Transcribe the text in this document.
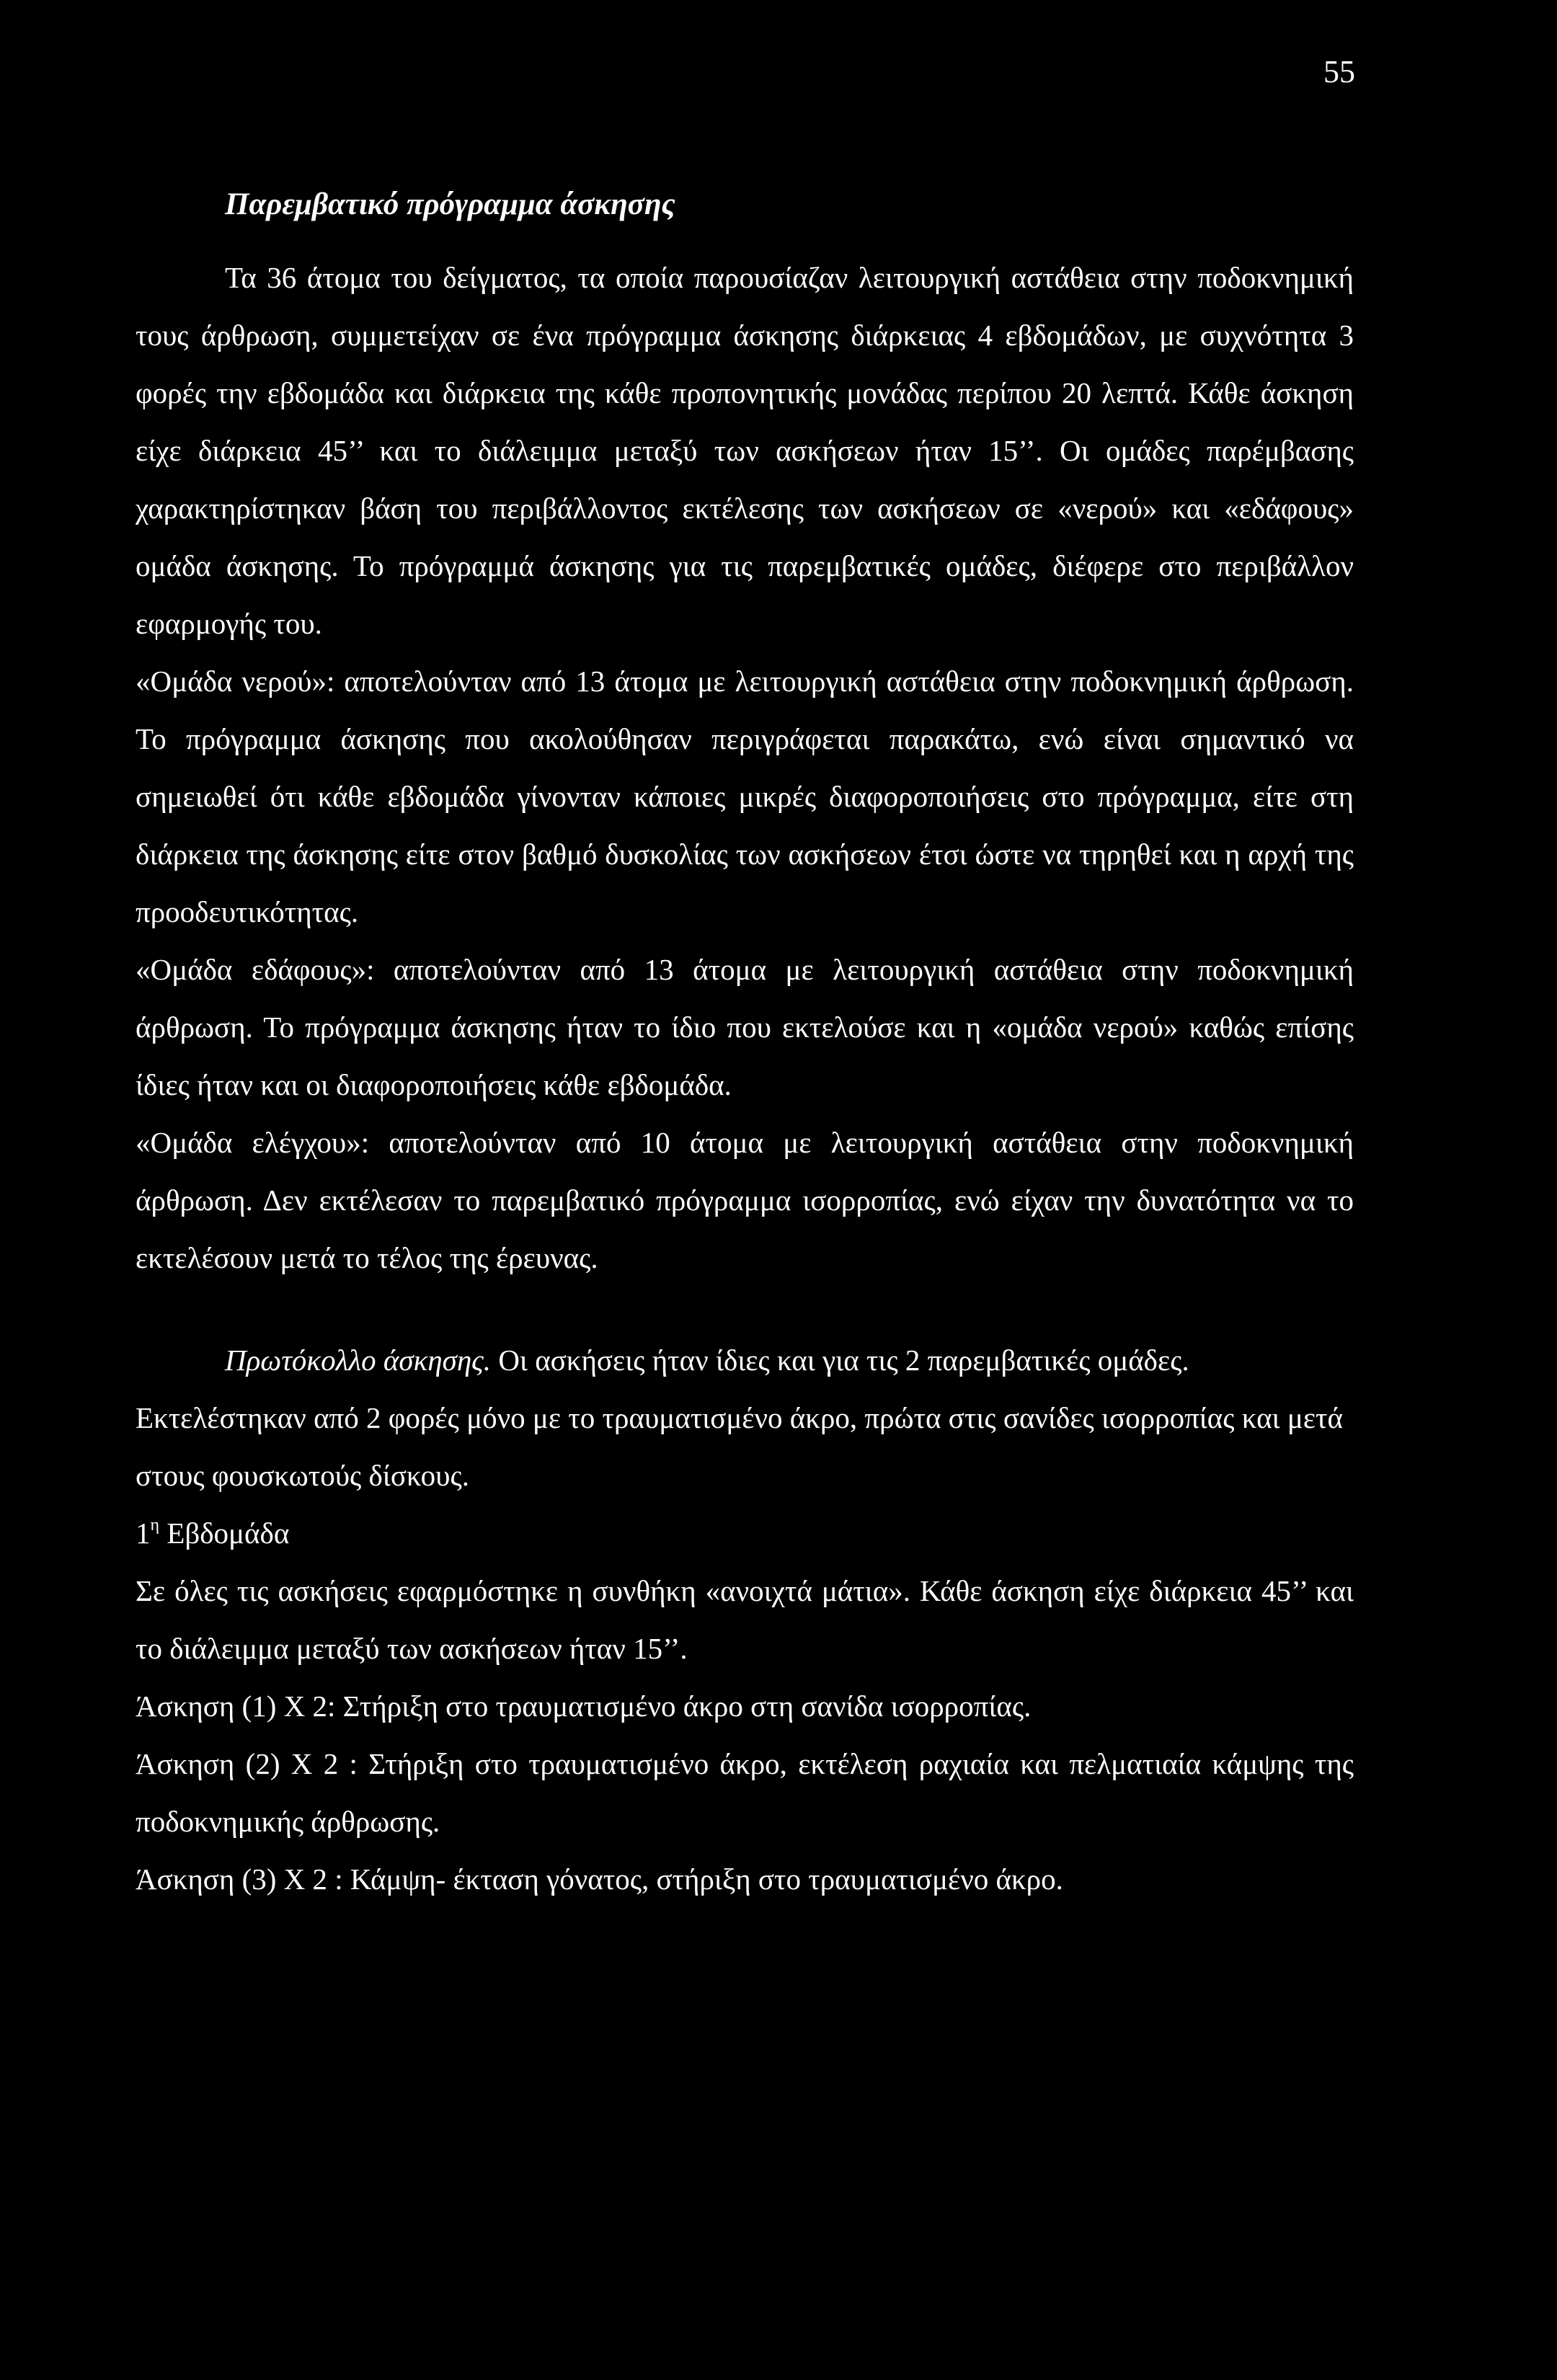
55

Παρεμβατικό πρόγραμμα άσκησης

Τα 36 άτομα του δείγματος, τα οποία παρουσίαζαν λειτουργική αστάθεια στην ποδοκνημική τους άρθρωση, συμμετείχαν σε ένα πρόγραμμα άσκησης διάρκειας 4 εβδομάδων, με συχνότητα 3 φορές την εβδομάδα και διάρκεια της κάθε προπονητικής μονάδας περίπου 20 λεπτά. Κάθε άσκηση είχε διάρκεια 45’’ και το διάλειμμα μεταξύ των ασκήσεων ήταν 15’’. Οι ομάδες παρέμβασης χαρακτηρίστηκαν βάση του περιβάλλοντος εκτέλεσης των ασκήσεων σε «νερού» και «εδάφους» ομάδα άσκησης. Το πρόγραμμά άσκησης για τις παρεμβατικές ομάδες, διέφερε στο περιβάλλον εφαρμογής του.

«Ομάδα νερού»: αποτελούνταν από 13 άτομα με λειτουργική αστάθεια στην ποδοκνημική άρθρωση. Το πρόγραμμα άσκησης που ακολούθησαν περιγράφεται παρακάτω, ενώ είναι σημαντικό να σημειωθεί ότι κάθε εβδομάδα γίνονταν κάποιες μικρές διαφοροποιήσεις στο πρόγραμμα, είτε στη διάρκεια της άσκησης είτε στον βαθμό δυσκολίας των ασκήσεων έτσι ώστε να τηρηθεί και η αρχή της προοδευτικότητας.

«Ομάδα εδάφους»: αποτελούνταν από 13 άτομα με λειτουργική αστάθεια στην ποδοκνημική άρθρωση. Το πρόγραμμα άσκησης ήταν το ίδιο που εκτελούσε και η «ομάδα νερού» καθώς επίσης ίδιες ήταν και οι διαφοροποιήσεις κάθε εβδομάδα.

«Ομάδα ελέγχου»: αποτελούνταν από 10 άτομα με λειτουργική αστάθεια στην ποδοκνημική άρθρωση. Δεν εκτέλεσαν το παρεμβατικό πρόγραμμα ισορροπίας, ενώ είχαν την δυνατότητα να το εκτελέσουν μετά το τέλος της έρευνας.

Πρωτόκολλο άσκησης. Οι ασκήσεις ήταν ίδιες και για τις 2 παρεμβατικές ομάδες. Εκτελέστηκαν από 2 φορές μόνο με το τραυματισμένο άκρο, πρώτα στις σανίδες ισορροπίας και μετά στους φουσκωτούς δίσκους.

$1^\eta$ Εβδομάδα

Σε όλες τις ασκήσεις εφαρμόστηκε η συνθήκη «ανοιχτά μάτια». Κάθε άσκηση είχε διάρκεια 45’’ και το διάλειμμα μεταξύ των ασκήσεων ήταν 15’’.

Άσκηση (1) Χ 2: Στήριξη στο τραυματισμένο άκρο στη σανίδα ισορροπίας.

Άσκηση (2) Χ 2 : Στήριξη στο τραυματισμένο άκρο, εκτέλεση ραχιαία και πελματιαία κάμψης της ποδοκνημικής άρθρωσης.

Άσκηση (3) Χ 2 : Κάμψη- έκταση γόνατος, στήριξη στο τραυματισμένο άκρο.
